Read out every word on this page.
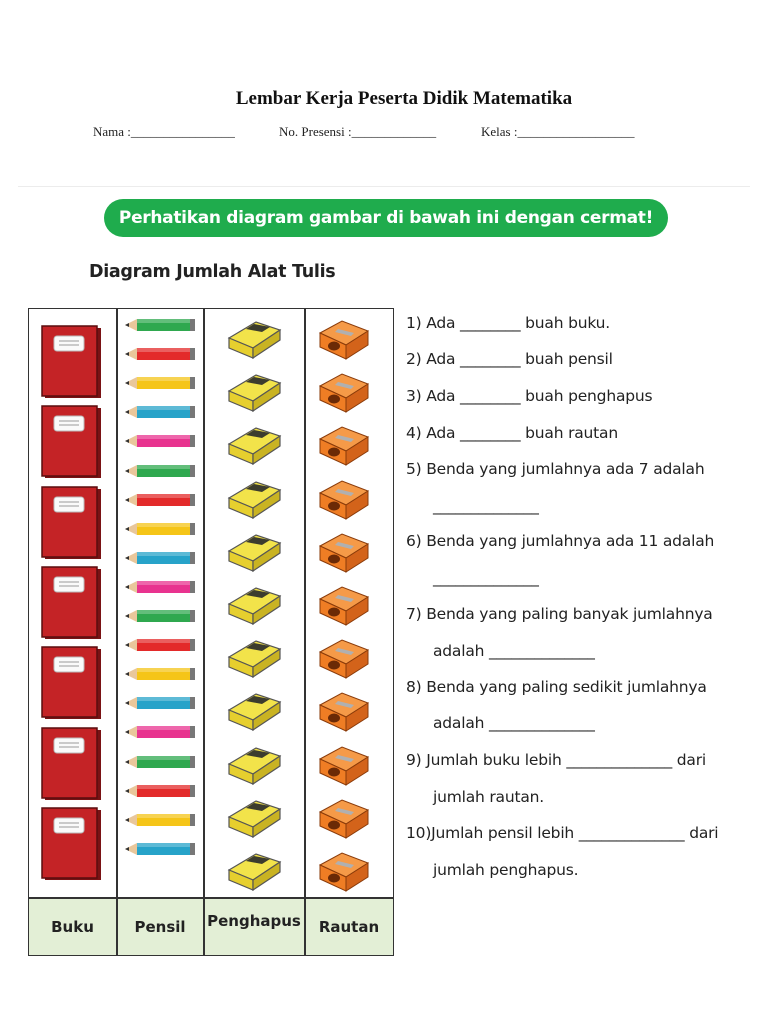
Lembar Kerja Peserta Didik Matematika
Nama :________________	No. Presensi :_____________	Kelas :__________________
Perhatikan diagram gambar di bawah ini dengan cermat!
Diagram Jumlah Alat Tulis
Buku	Pensil	Penghapus	Rautan
1) Ada ________ buah buku.
2) Ada ________ buah pensil
3) Ada ________ buah penghapus
4) Ada ________ buah rautan
5) Benda yang jumlahnya ada 7 adalah
______________
6) Benda yang jumlahnya ada 11 adalah
______________
7) Benda yang paling banyak jumlahnya
adalah ______________
8) Benda yang paling sedikit jumlahnya
adalah ______________
9) Jumlah buku lebih ______________ dari
jumlah rautan.
10)Jumlah pensil lebih ______________ dari
jumlah penghapus.
